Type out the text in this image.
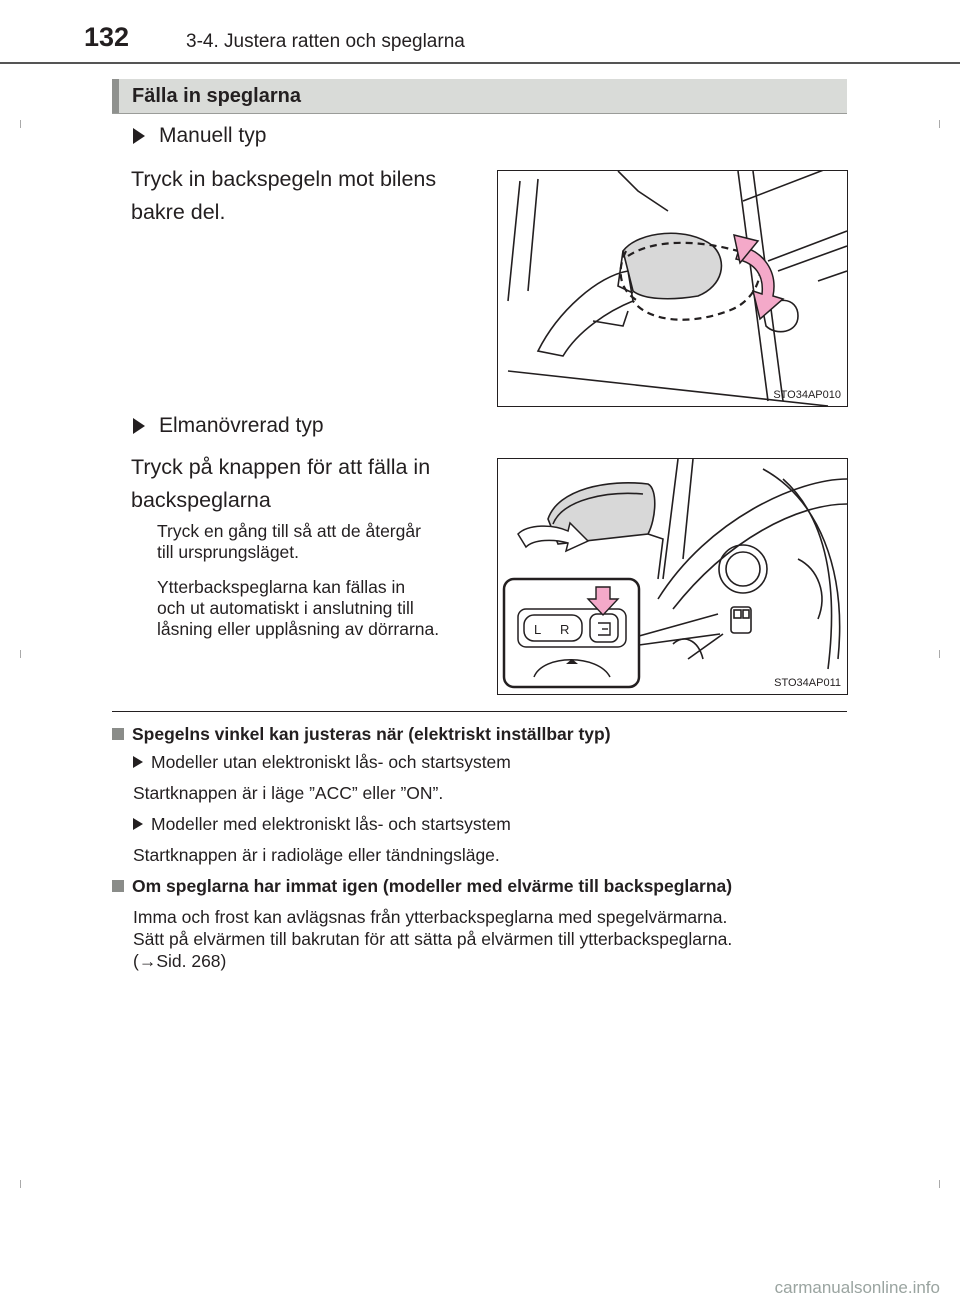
132	3-4. Justera ratten och speglarna
Fälla in speglarna
Manuell typ
Tryck in backspegeln mot bilens
bakre del.
STO34AP010
Elmanövrerad typ
Tryck på knappen för att fälla in
backspeglarna
Tryck en gång till så att de återgår
till ursprungsläget.
Ytterbackspeglarna kan fällas in
och ut automatiskt i anslutning till
låsning eller upplåsning av dörrarna.	L R
STO34AP011
Spegelns vinkel kan justeras när (elektriskt inställbar typ)
Modeller utan elektroniskt lås- och startsystem
Startknappen är i läge ”ACC” eller ”ON”.
Modeller med elektroniskt lås- och startsystem
Startknappen är i radioläge eller tändningsläge.
Om speglarna har immat igen (modeller med elvärme till backspeglarna)
Imma och frost kan avlägsnas från ytterbackspeglarna med spegelvärmarna.
Sätt på elvärmen till bakrutan för att sätta på elvärmen till ytterbackspeglarna.
(→Sid. 268)
carmanualsonline.info
